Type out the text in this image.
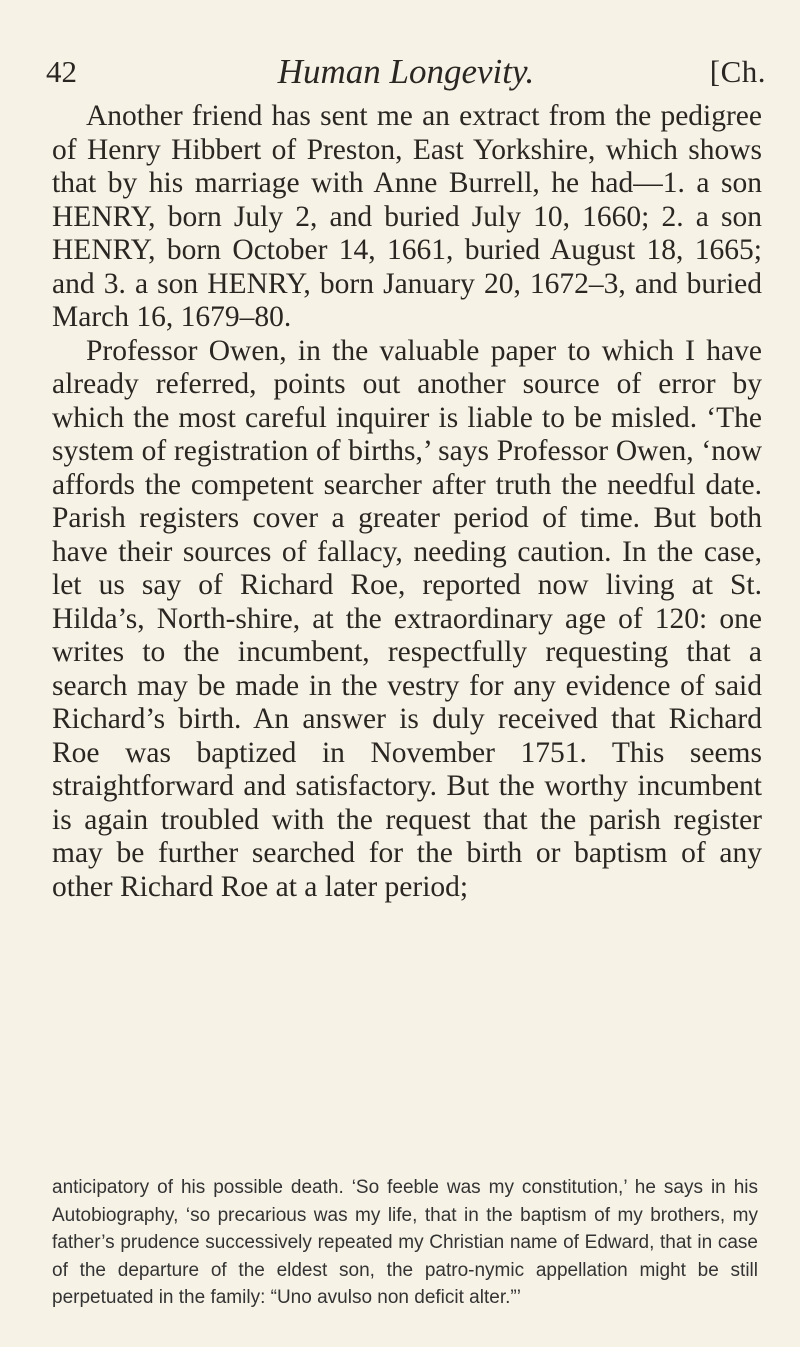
42	Human Longevity.	[Ch.

Another friend has sent me an extract from the pedigree of Henry Hibbert of Preston, East Yorkshire, which shows that by his marriage with Anne Burrell, he had—1. a son HENRY, born July 2, and buried July 10, 1660; 2. a son HENRY, born October 14, 1661, buried August 18, 1665; and 3. a son HENRY, born January 20, 1672–3, and buried March 16, 1679–80.

Professor Owen, in the valuable paper to which I have already referred, points out another source of error by which the most careful inquirer is liable to be misled. ‘The system of registration of births,’ says Professor Owen, ‘now affords the competent searcher after truth the needful date. Parish registers cover a greater period of time. But both have their sources of fallacy, needing caution. In the case, let us say of Richard Roe, reported now living at St. Hilda’s, North-shire, at the extraordinary age of 120: one writes to the incumbent, respectfully requesting that a search may be made in the vestry for any evidence of said Richard’s birth. An answer is duly received that Richard Roe was baptized in November 1751. This seems straightforward and satisfactory. But the worthy incumbent is again troubled with the request that the parish register may be further searched for the birth or baptism of any other Richard Roe at a later period;

anticipatory of his possible death. ‘So feeble was my constitution,’ he says in his Autobiography, ‘so precarious was my life, that in the baptism of my brothers, my father’s prudence successively repeated my Christian name of Edward, that in case of the departure of the eldest son, the patro-nymic appellation might be still perpetuated in the family: “Uno avulso non deficit alter.”’
